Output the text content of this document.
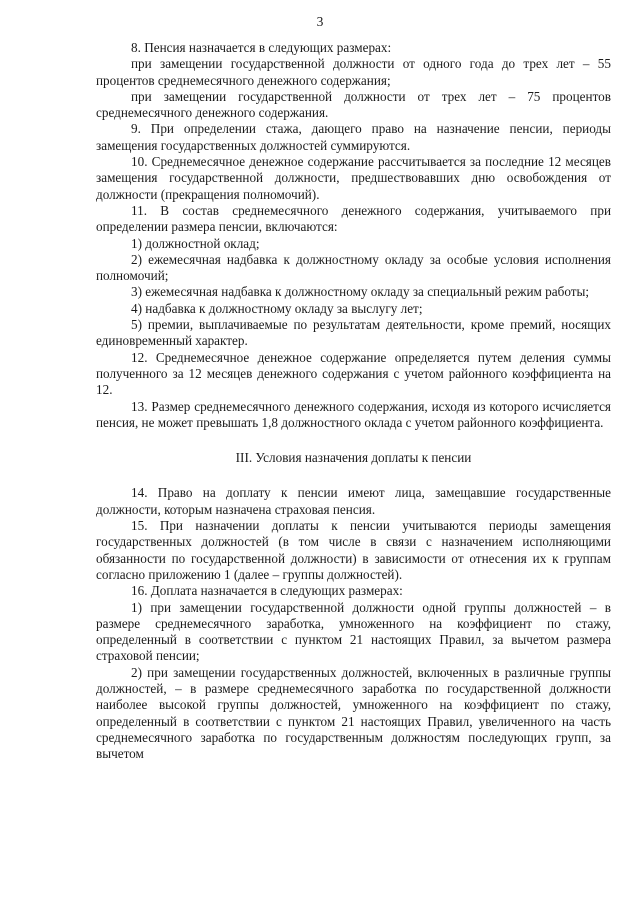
3

8. Пенсия назначается в следующих размерах:

при замещении государственной должности от одного года до трех лет – 55 процентов среднемесячного денежного содержания;

при замещении государственной должности от трех лет – 75 процентов среднемесячного денежного содержания.

9. При определении стажа, дающего право на назначение пенсии, периоды замещения государственных должностей суммируются.

10. Среднемесячное денежное содержание рассчитывается за последние 12 месяцев замещения государственной должности, предшествовавших дню освобождения от должности (прекращения полномочий).

11. В состав среднемесячного денежного содержания, учитываемого при определении размера пенсии, включаются:

1) должностной оклад;

2) ежемесячная надбавка к должностному окладу за особые условия исполнения полномочий;

3) ежемесячная надбавка к должностному окладу за специальный режим работы;

4) надбавка к должностному окладу за выслугу лет;

5) премии, выплачиваемые по результатам деятельности, кроме премий, носящих единовременный характер.

12. Среднемесячное денежное содержание определяется путем деления суммы полученного за 12 месяцев денежного содержания с учетом районного коэффициента на 12.

13. Размер среднемесячного денежного содержания, исходя из которого исчисляется пенсия, не может превышать 1,8 должностного оклада с учетом районного коэффициента.

III. Условия назначения доплаты к пенсии

14. Право на доплату к пенсии имеют лица, замещавшие государственные должности, которым назначена страховая пенсия.

15. При назначении доплаты к пенсии учитываются периоды замещения государственных должностей (в том числе в связи с назначением исполняющими обязанности по государственной должности) в зависимости от отнесения их к группам согласно приложению 1 (далее – группы должностей).

16. Доплата назначается в следующих размерах:

1) при замещении государственной должности одной группы должностей – в размере среднемесячного заработка, умноженного на коэффициент по стажу, определенный в соответствии с пунктом 21 настоящих Правил, за вычетом размера страховой пенсии;

2) при замещении государственных должностей, включенных в различные группы должностей, – в размере среднемесячного заработка по государственной должности наиболее высокой группы должностей, умноженного на коэффициент по стажу, определенный в соответствии с пунктом 21 настоящих Правил, увеличенного на часть среднемесячного заработка по государственным должностям последующих групп, за вычетом
